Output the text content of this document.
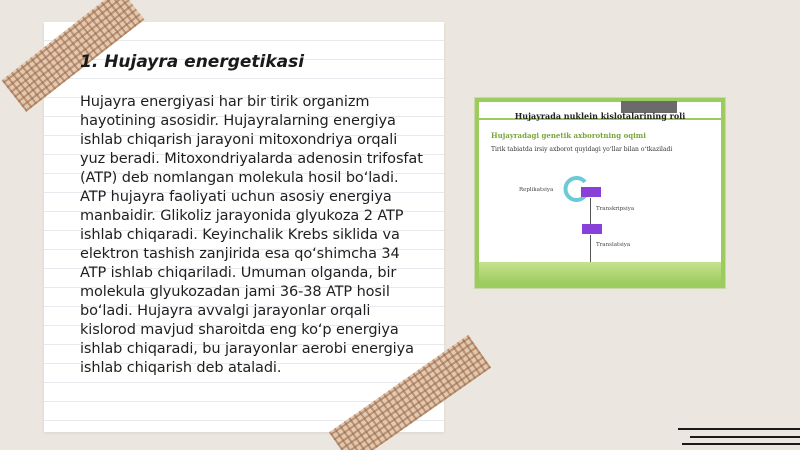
1. Hujayra energetikasi
Hujayra energiyasi har bir tirik organizm hayotining asosidir. Hujayralarning energiya ishlab chiqarish jarayoni mitoxondriya orqali yuz beradi. Mitoxondriyalarda adenosin trifosfat (ATP) deb nomlangan molekula hosil bo‘ladi. ATP hujayra faoliyati uchun asosiy energiya manbaidir. Glikoliz jarayonida glyukoza 2 ATP ishlab chiqaradi. Keyinchalik Krebs siklida va elektron tashish zanjirida esa qo‘shimcha 34 ATP ishlab chiqariladi. Umuman olganda, bir molekula glyukozadan jami 36-38 ATP hosil bo‘ladi. Hujayra avvalgi jarayonlar orqali kislorod mavjud sharoitda eng ko‘p energiya ishlab chiqaradi, bu jarayonlar aerobi energiya ishlab chiqarish deb ataladi.
Hujayrada nuklein kislotalarining roli
Hujayradagi genetik axborotning oqimi
Tirik tabiatda irsiy axborot quyidagi yo‘llar bilan o‘tkaziladi
Replikatsiya
Transkripsiya
Translatsiya
